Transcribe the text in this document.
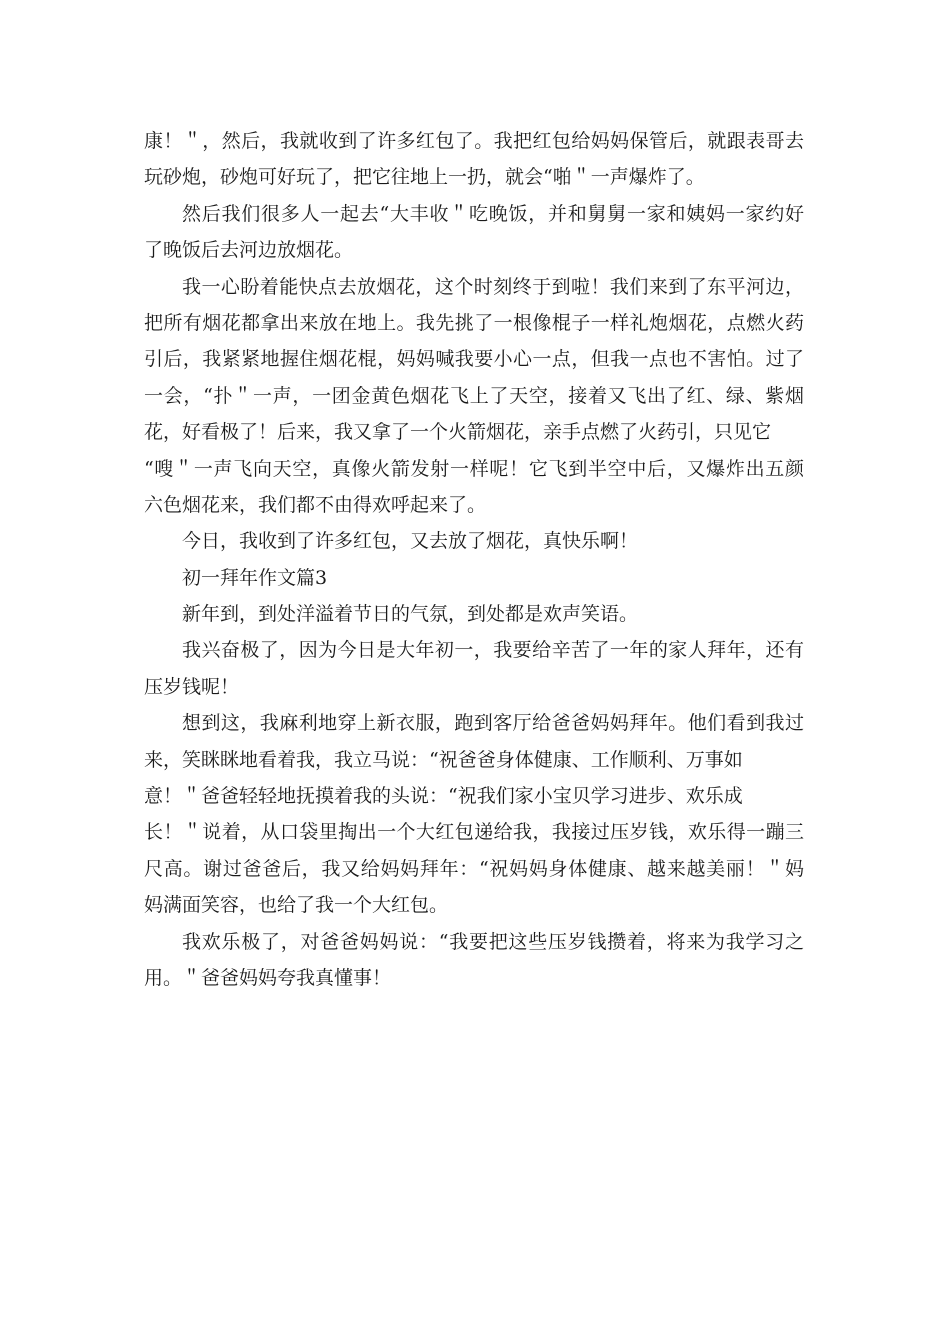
康！＂，然后，我就收到了许多红包了。我把红包给妈妈保管后，就跟表哥去
玩砂炮，砂炮可好玩了，把它往地上一扔，就会“啪＂一声爆炸了。
然后我们很多人一起去“大丰收＂吃晚饭，并和舅舅一家和姨妈一家约好
了晚饭后去河边放烟花。
我一心盼着能快点去放烟花，这个时刻终于到啦！我们来到了东平河边，
把所有烟花都拿出来放在地上。我先挑了一根像棍子一样礼炮烟花，点燃火药
引后，我紧紧地握住烟花棍，妈妈喊我要小心一点，但我一点也不害怕。过了
一会，“扑＂一声，一团金黄色烟花飞上了天空，接着又飞出了红、绿、紫烟
花，好看极了！后来，我又拿了一个火箭烟花，亲手点燃了火药引，只见它
“嗖＂一声飞向天空，真像火箭发射一样呢！它飞到半空中后，又爆炸出五颜
六色烟花来，我们都不由得欢呼起来了。
今日，我收到了许多红包，又去放了烟花，真快乐啊！
初一拜年作文篇3
新年到，到处洋溢着节日的气氛，到处都是欢声笑语。
我兴奋极了，因为今日是大年初一，我要给辛苦了一年的家人拜年，还有
压岁钱呢！
想到这，我麻利地穿上新衣服，跑到客厅给爸爸妈妈拜年。他们看到我过
来，笑眯眯地看着我，我立马说：“祝爸爸身体健康、工作顺利、万事如
意！＂爸爸轻轻地抚摸着我的头说：“祝我们家小宝贝学习进步、欢乐成
长！＂说着，从口袋里掏出一个大红包递给我，我接过压岁钱，欢乐得一蹦三
尺高。谢过爸爸后，我又给妈妈拜年：“祝妈妈身体健康、越来越美丽！＂妈
妈满面笑容，也给了我一个大红包。
我欢乐极了，对爸爸妈妈说：“我要把这些压岁钱攒着，将来为我学习之
用。＂爸爸妈妈夸我真懂事！
